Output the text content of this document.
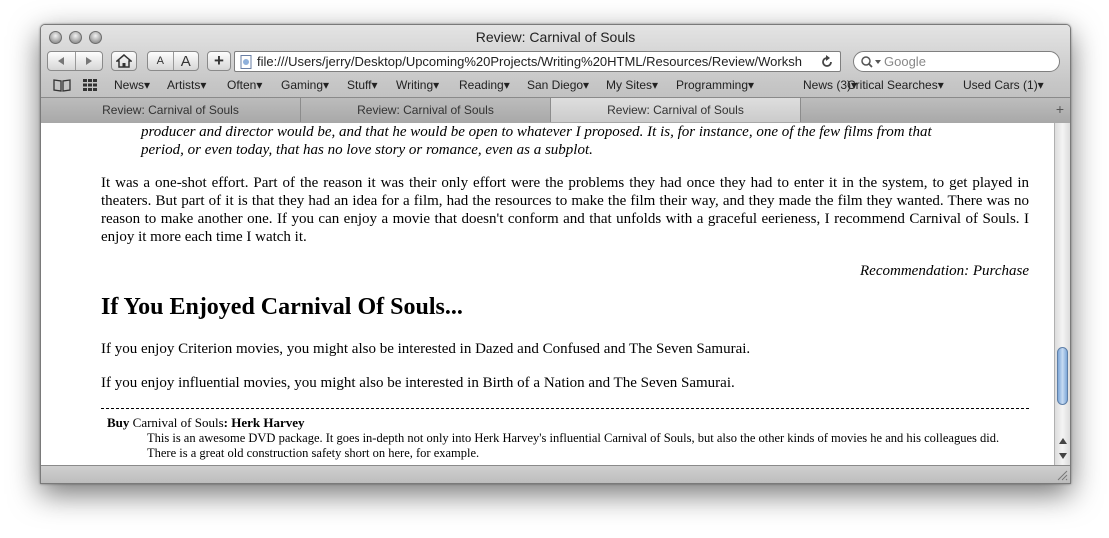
Review: Carnival of Souls
A	A	+	file:///Users/jerry/Desktop/Upcoming%20Projects/Writing%20HTML/Resources/Review/Worksh	Google
News▾ Artists▾ Often▾ Gaming▾ Stuff▾ Writing▾ Reading▾ San Diego▾ My Sites▾ Programming▾	News (3)▾
Critical Searches▾ Used Cars (1)▾
Review: Carnival of Souls	Review: Carnival of Souls	Review: Carnival of Souls	+

producer and director would be, and that he would be open to whatever I proposed. It is, for instance, one of the few films from that
period, or even today, that has no love story or romance, even as a subplot.

It was a one-shot effort. Part of the reason it was their only effort were the problems they had once they had to enter it in the system, to get played in theaters. But part of it is that they had an idea for a film, had the resources to make the film their way, and they made the film they wanted. There was no reason to make another one. If you can enjoy a movie that doesn't conform and that unfolds with a graceful eerieness, I recommend Carnival of Souls. I enjoy it more each time I watch it.

Recommendation: Purchase

If You Enjoyed Carnival Of Souls...

If you enjoy Criterion movies, you might also be interested in Dazed and Confused and The Seven Samurai.

If you enjoy influential movies, you might also be interested in Birth of a Nation and The Seven Samurai.

Buy Carnival of Souls: Herk Harvey

This is an awesome DVD package. It goes in-depth not only into Herk Harvey's influential Carnival of Souls, but also the other kinds of movies he and his colleagues did. There is a great old construction safety short on here, for example.
